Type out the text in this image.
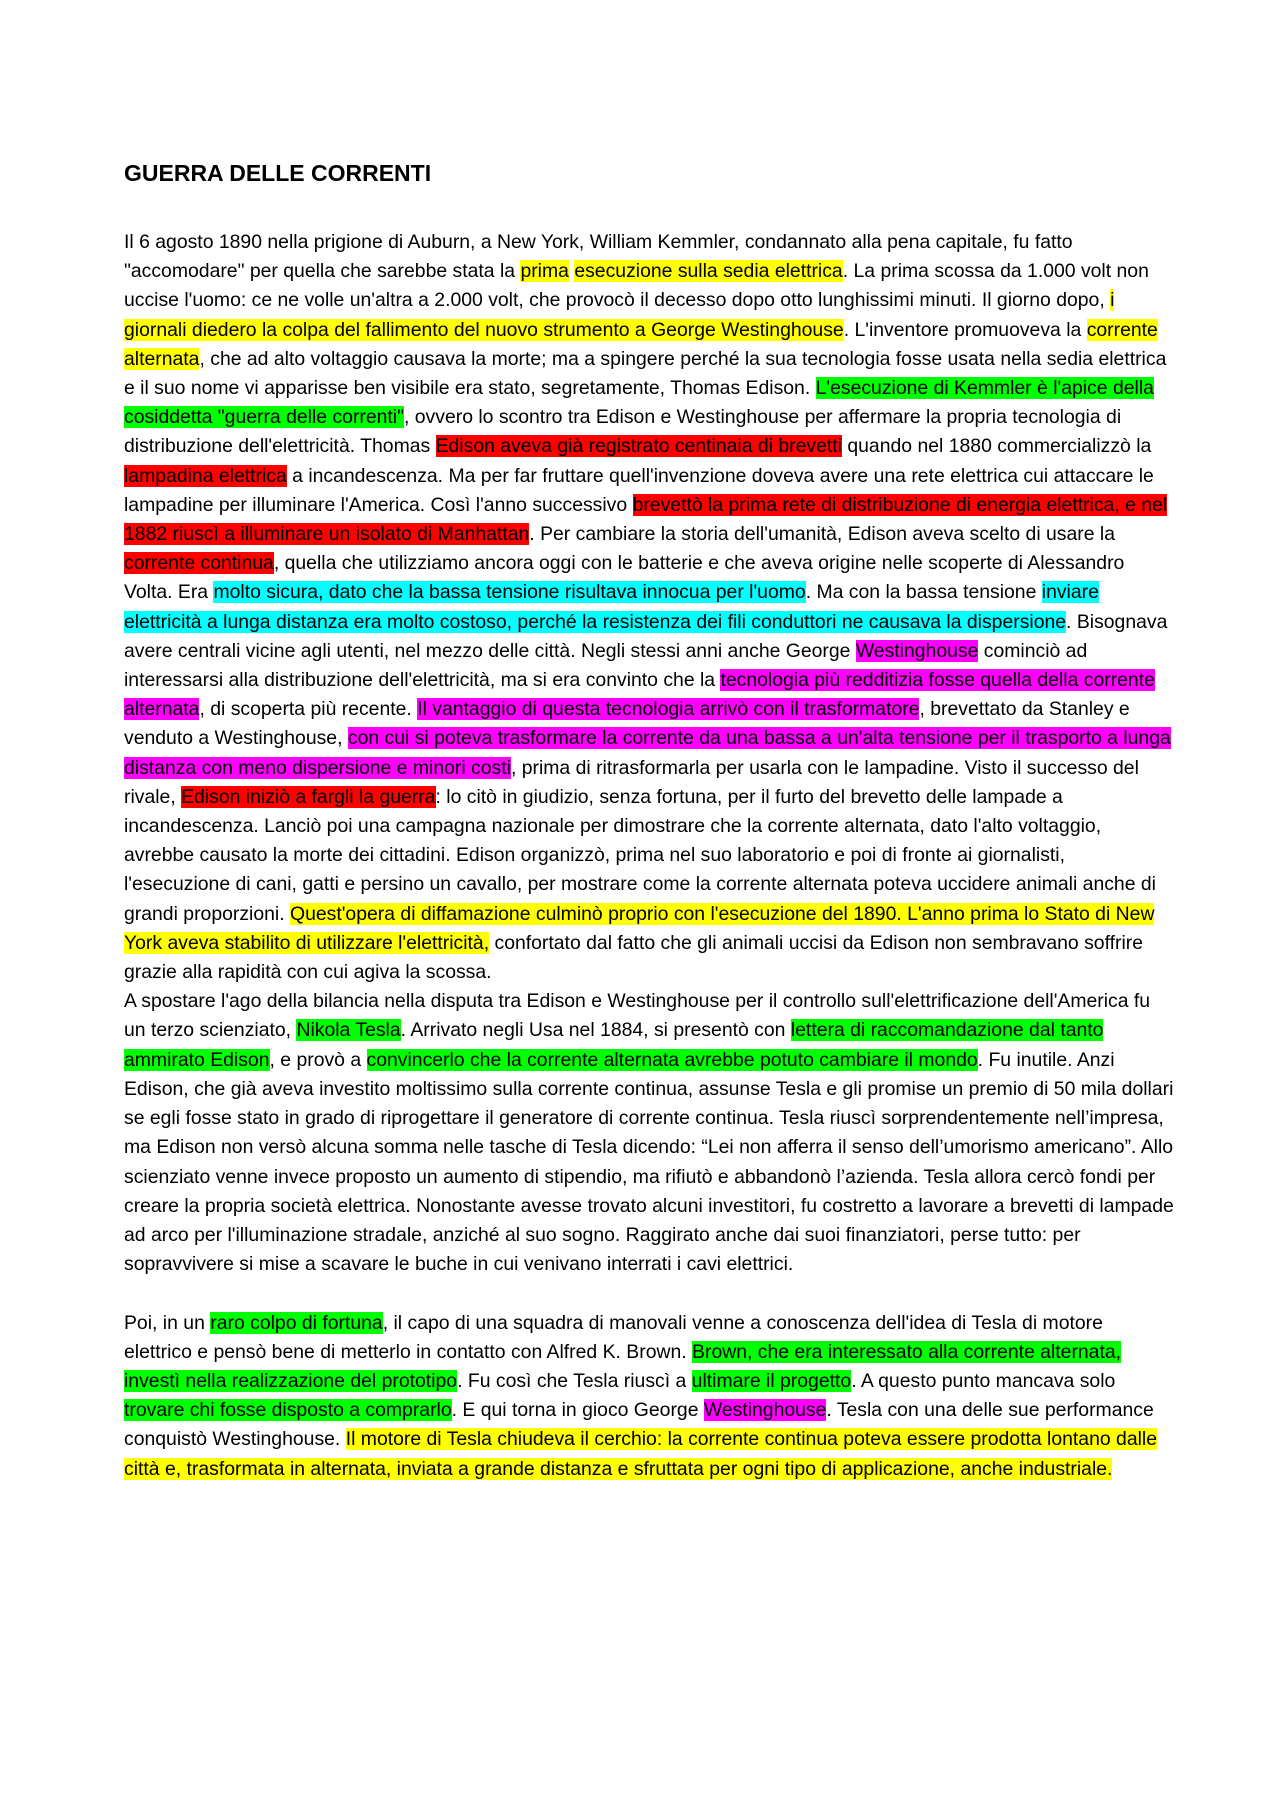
GUERRA DELLE CORRENTI

Il 6 agosto 1890 nella prigione di Auburn, a New York, William Kemmler, condannato alla pena capitale, fu fatto "accomodare" per quella che sarebbe stata la prima esecuzione sulla sedia elettrica. La prima scossa da 1.000 volt non uccise l'uomo: ce ne volle un'altra a 2.000 volt, che provocò il decesso dopo otto lunghissimi minuti. Il giorno dopo, i giornali diedero la colpa del fallimento del nuovo strumento a George Westinghouse. L'inventore promuoveva la corrente alternata, che ad alto voltaggio causava la morte; ma a spingere perché la sua tecnologia fosse usata nella sedia elettrica e il suo nome vi apparisse ben visibile era stato, segretamente, Thomas Edison. L'esecuzione di Kemmler è l'apice della cosiddetta "guerra delle correnti", ovvero lo scontro tra Edison e Westinghouse per affermare la propria tecnologia di distribuzione dell'elettricità. Thomas Edison aveva già registrato centinaia di brevetti quando nel 1880 commercializzò la lampadina elettrica a incandescenza. Ma per far fruttare quell'invenzione doveva avere una rete elettrica cui attaccare le lampadine per illuminare l'America. Così l'anno successivo brevettò la prima rete di distribuzione di energia elettrica, e nel 1882 riuscì a illuminare un isolato di Manhattan. Per cambiare la storia dell'umanità, Edison aveva scelto di usare la corrente continua, quella che utilizziamo ancora oggi con le batterie e che aveva origine nelle scoperte di Alessandro Volta. Era molto sicura, dato che la bassa tensione risultava innocua per l'uomo. Ma con la bassa tensione inviare elettricità a lunga distanza era molto costoso, perché la resistenza dei fili conduttori ne causava la dispersione. Bisognava avere centrali vicine agli utenti, nel mezzo delle città. Negli stessi anni anche George Westinghouse cominciò ad interessarsi alla distribuzione dell'elettricità, ma si era convinto che la tecnologia più redditizia fosse quella della corrente alternata, di scoperta più recente. Il vantaggio di questa tecnologia arrivò con il trasformatore, brevettato da Stanley e venduto a Westinghouse, con cui si poteva trasformare la corrente da una bassa a un'alta tensione per il trasporto a lunga distanza con meno dispersione e minori costi, prima di ritrasformarla per usarla con le lampadine. Visto il successo del rivale, Edison iniziò a fargli la guerra: lo citò in giudizio, senza fortuna, per il furto del brevetto delle lampade a incandescenza. Lanciò poi una campagna nazionale per dimostrare che la corrente alternata, dato l'alto voltaggio, avrebbe causato la morte dei cittadini. Edison organizzò, prima nel suo laboratorio e poi di fronte ai giornalisti, l'esecuzione di cani, gatti e persino un cavallo, per mostrare come la corrente alternata poteva uccidere animali anche di grandi proporzioni. Quest'opera di diffamazione culminò proprio con l'esecuzione del 1890. L'anno prima lo Stato di New York aveva stabilito di utilizzare l'elettricità, confortato dal fatto che gli animali uccisi da Edison non sembravano soffrire grazie alla rapidità con cui agiva la scossa.

A spostare l'ago della bilancia nella disputa tra Edison e Westinghouse per il controllo sull'elettrificazione dell'America fu un terzo scienziato, Nikola Tesla. Arrivato negli Usa nel 1884, si presentò con lettera di raccomandazione dal tanto ammirato Edison, e provò a convincerlo che la corrente alternata avrebbe potuto cambiare il mondo. Fu inutile. Anzi Edison, che già aveva investito moltissimo sulla corrente continua, assunse Tesla e gli promise un premio di 50 mila dollari se egli fosse stato in grado di riprogettare il generatore di corrente continua. Tesla riuscì sorprendentemente nell’impresa, ma Edison non versò alcuna somma nelle tasche di Tesla dicendo: “Lei non afferra il senso dell’umorismo americano”. Allo scienziato venne invece proposto un aumento di stipendio, ma rifiutò e abbandonò l’azienda. Tesla allora cercò fondi per creare la propria società elettrica. Nonostante avesse trovato alcuni investitori, fu costretto a lavorare a brevetti di lampade ad arco per l'illuminazione stradale, anziché al suo sogno. Raggirato anche dai suoi finanziatori, perse tutto: per sopravvivere si mise a scavare le buche in cui venivano interrati i cavi elettrici.

Poi, in un raro colpo di fortuna, il capo di una squadra di manovali venne a conoscenza dell'idea di Tesla di motore elettrico e pensò bene di metterlo in contatto con Alfred K. Brown. Brown, che era interessato alla corrente alternata, investì nella realizzazione del prototipo. Fu così che Tesla riuscì a ultimare il progetto. A questo punto mancava solo trovare chi fosse disposto a comprarlo. E qui torna in gioco George Westinghouse. Tesla con una delle sue performance conquistò Westinghouse. Il motore di Tesla chiudeva il cerchio: la corrente continua poteva essere prodotta lontano dalle città e, trasformata in alternata, inviata a grande distanza e sfruttata per ogni tipo di applicazione, anche industriale.
